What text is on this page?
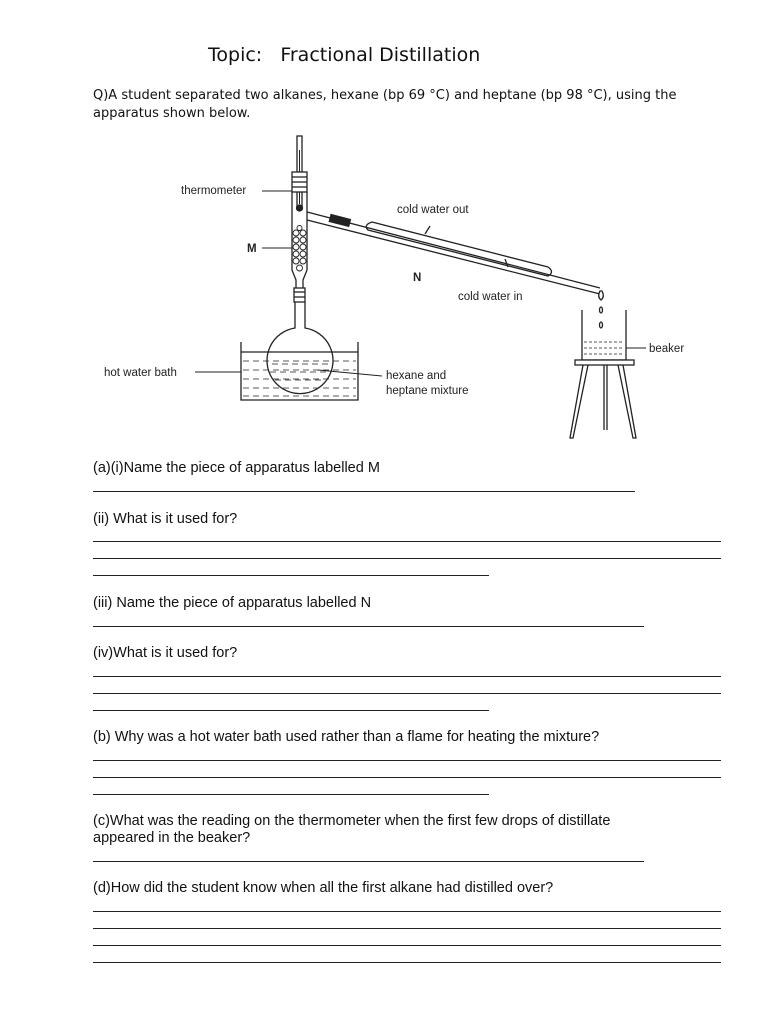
Topic: Fractional Distillation
Q)A student separated two alkanes, hexane (bp 69 °C) and heptane (bp 98 °C), using the apparatus shown below.
thermometer
M
cold water out
N
cold water in
beaker
hot water bath	hexane and
heptane mixture
(a)(i)Name the piece of apparatus labelled M
(ii) What is it used for?
(iii) Name the piece of apparatus labelled N
(iv)What is it used for?
(b) Why was a hot water bath used rather than a flame for heating the mixture?
(c)What was the reading on the thermometer when the first few drops of distillate
appeared in the beaker?
(d)How did the student know when all the first alkane had distilled over?
